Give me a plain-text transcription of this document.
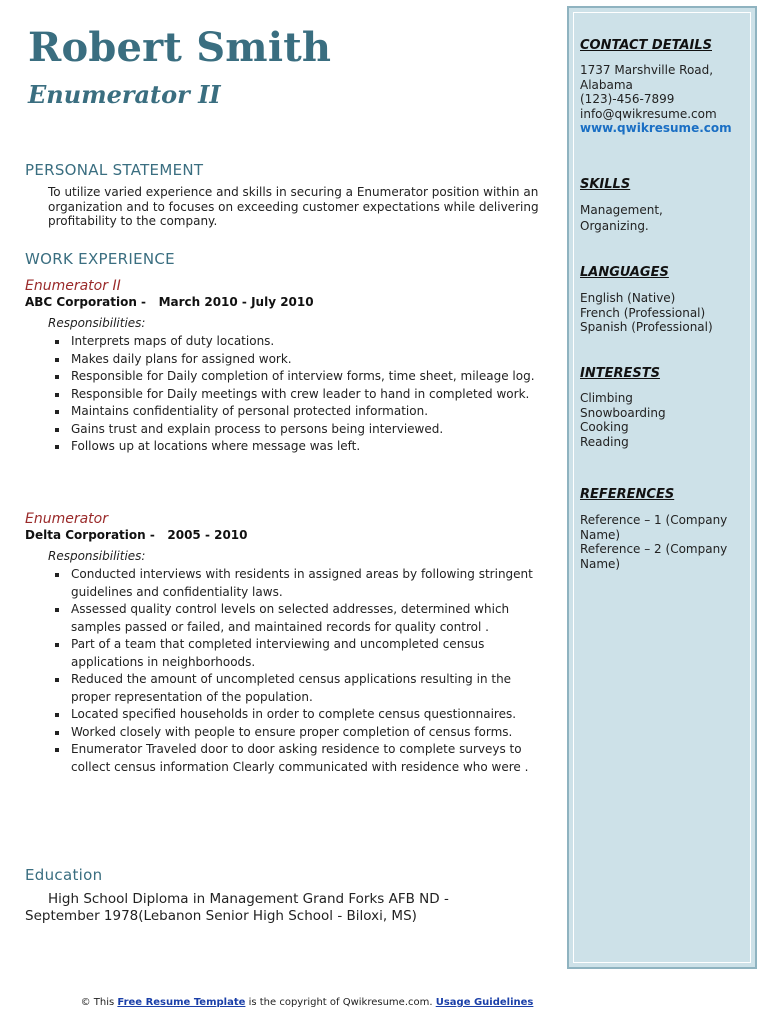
Robert Smith
Enumerator II
PERSONAL STATEMENT
To utilize varied experience and skills in securing a Enumerator position within an organization and to focuses on exceeding customer expectations while delivering profitability to the company.
WORK EXPERIENCE
Enumerator II
ABC Corporation -   March 2010 - July 2010
Responsibilities:
Interprets maps of duty locations.
Makes daily plans for assigned work.
Responsible for Daily completion of interview forms, time sheet, mileage log.
Responsible for Daily meetings with crew leader to hand in completed work.
Maintains confidentiality of personal protected information.
Gains trust and explain process to persons being interviewed.
Follows up at locations where message was left.
Enumerator
Delta Corporation -   2005 - 2010
Responsibilities:
Conducted interviews with residents in assigned areas by following stringent guidelines and confidentiality laws.
Assessed quality control levels on selected addresses, determined which samples passed or failed, and maintained records for quality control .
Part of a team that completed interviewing and uncompleted census applications in neighborhoods.
Reduced the amount of uncompleted census applications resulting in the proper representation of the population.
Located specified households in order to complete census questionnaires.
Worked closely with people to ensure proper completion of census forms.
Enumerator Traveled door to door asking residence to complete surveys to collect census information Clearly communicated with residence who were .
Education
High School Diploma in Management Grand Forks AFB ND - September 1978(Lebanon Senior High School - Biloxi, MS)
CONTACT DETAILS
1737 Marshville Road,
Alabama
(123)-456-7899
info@qwikresume.com
www.qwikresume.com
SKILLS
Management,
Organizing.
LANGUAGES
English (Native)
French (Professional)
Spanish (Professional)
INTERESTS
Climbing
Snowboarding
Cooking
Reading
REFERENCES
Reference – 1 (Company Name)
Reference – 2 (Company Name)
© This Free Resume Template is the copyright of Qwikresume.com. Usage Guidelines
